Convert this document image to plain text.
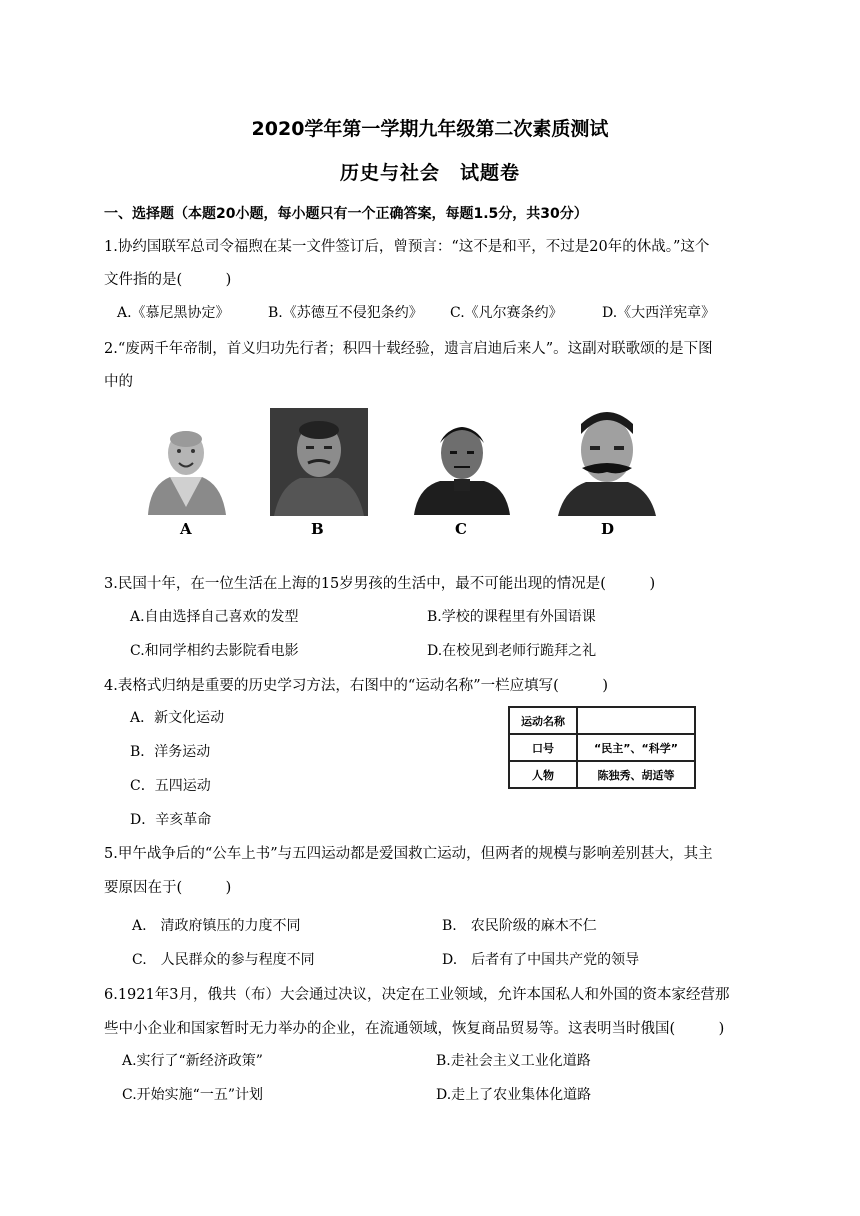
2020学年第一学期九年级第二次素质测试
历史与社会　试题卷
一、选择题（本题20小题，每小题只有一个正确答案，每题1.5分，共30分）
1.协约国联军总司令福煦在某一文件签订后，曾预言：“这不是和平，不过是20年的休战。”这个
文件指的是(　　　)
A.《慕尼黑协定》	B.《苏德互不侵犯条约》 C.《凡尔赛条约》	D.《大西洋宪章》
2.“废两千年帝制，首义归功先行者；积四十载经验，遗言启迪后来人”。这副对联歌颂的是下图
中的
A	B	C	D
3.民国十年，在一位生活在上海的15岁男孩的生活中，最不可能出现的情况是(　　　)
A.自由选择自己喜欢的发型	B.学校的课程里有外国语课
C.和同学相约去影院看电影	D.在校见到老师行跪拜之礼
4.表格式归纳是重要的历史学习方法，右图中的“运动名称”一栏应填写(　　　)
A．新文化运动
B．洋务运动
C．五四运动
D．辛亥革命
运动名称	
口号	“民主”、“科学”
人物	陈独秀、胡适等
5.甲午战争后的“公车上书”与五四运动都是爱国救亡运动，但两者的规模与影响差别甚大，其主
要原因在于(　　　)
A.　清政府镇压的力度不同	B.　农民阶级的麻木不仁
C.　人民群众的参与程度不同	D.　后者有了中国共产党的领导
6.1921年3月，俄共（布）大会通过决议，决定在工业领域，允许本国私人和外国的资本家经营那
些中小企业和国家暂时无力举办的企业，在流通领域，恢复商品贸易等。这表明当时俄国(　　　)
A.实行了“新经济政策”	B.走社会主义工业化道路
C.开始实施“一五”计划	D.走上了农业集体化道路
